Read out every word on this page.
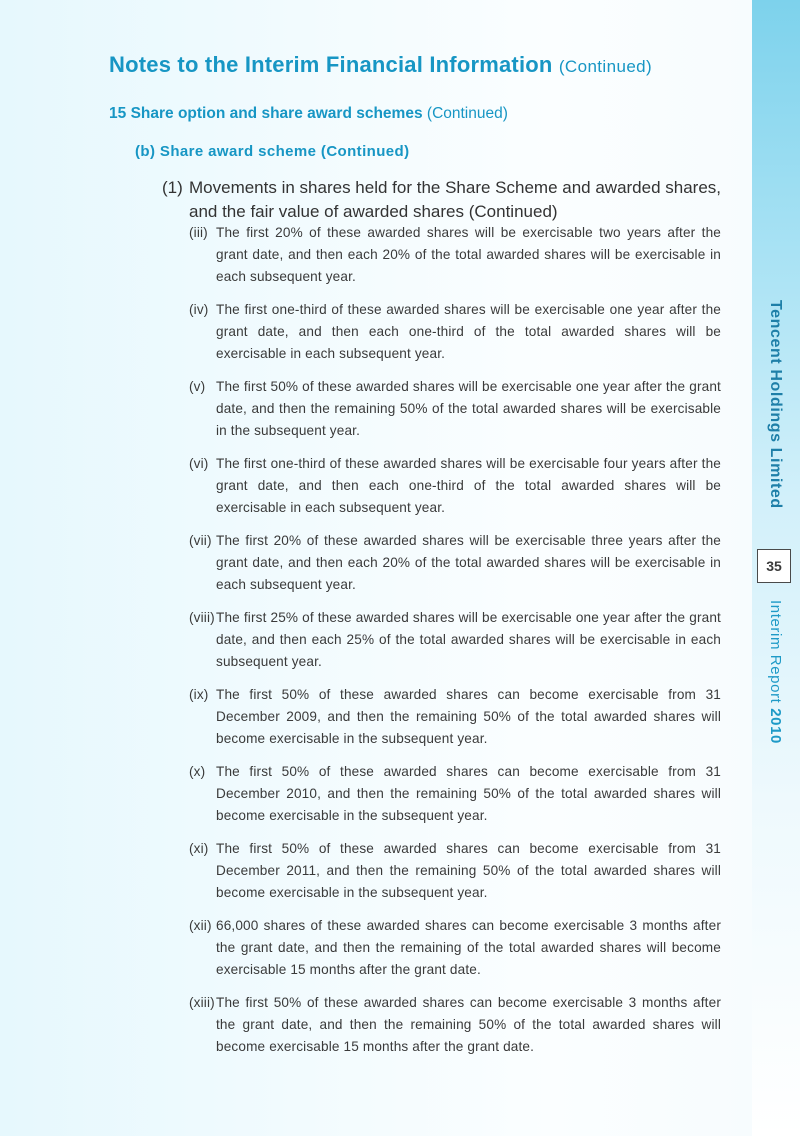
Tencent Holdings Limited
35
Interim Report 2010
Notes to the Interim Financial Information (Continued)
15 Share option and share award schemes (Continued)
(b) Share award scheme (Continued)
(1) Movements in shares held for the Share Scheme and awarded shares, and the fair value of awarded shares (Continued)
(iii) The first 20% of these awarded shares will be exercisable two years after the grant date, and then each 20% of the total awarded shares will be exercisable in each subsequent year.
(iv) The first one-third of these awarded shares will be exercisable one year after the grant date, and then each one-third of the total awarded shares will be exercisable in each subsequent year.
(v) The first 50% of these awarded shares will be exercisable one year after the grant date, and then the remaining 50% of the total awarded shares will be exercisable in the subsequent year.
(vi) The first one-third of these awarded shares will be exercisable four years after the grant date, and then each one-third of the total awarded shares will be exercisable in each subsequent year.
(vii) The first 20% of these awarded shares will be exercisable three years after the grant date, and then each 20% of the total awarded shares will be exercisable in each subsequent year.
(viii) The first 25% of these awarded shares will be exercisable one year after the grant date, and then each 25% of the total awarded shares will be exercisable in each subsequent year.
(ix) The first 50% of these awarded shares can become exercisable from 31 December 2009, and then the remaining 50% of the total awarded shares will become exercisable in the subsequent year.
(x) The first 50% of these awarded shares can become exercisable from 31 December 2010, and then the remaining 50% of the total awarded shares will become exercisable in the subsequent year.
(xi) The first 50% of these awarded shares can become exercisable from 31 December 2011, and then the remaining 50% of the total awarded shares will become exercisable in the subsequent year.
(xii) 66,000 shares of these awarded shares can become exercisable 3 months after the grant date, and then the remaining of the total awarded shares will become exercisable 15 months after the grant date.
(xiii) The first 50% of these awarded shares can become exercisable 3 months after the grant date, and then the remaining 50% of the total awarded shares will become exercisable 15 months after the grant date.
